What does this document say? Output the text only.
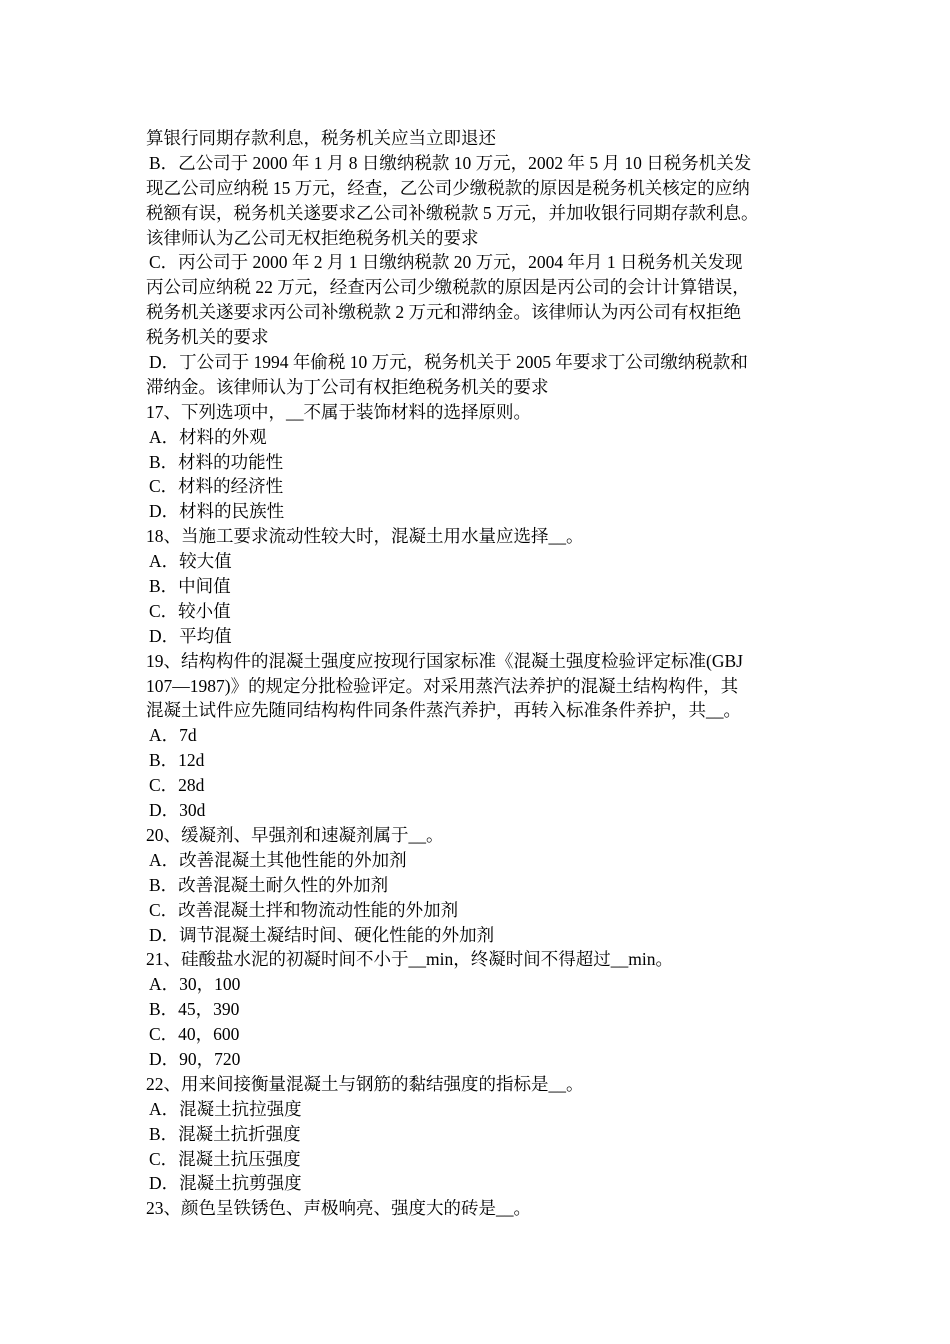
算银行同期存款利息，税务机关应当立即退还
B．乙公司于 2000 年 1 月 8 日缴纳税款 10 万元，2002 年 5 月 10 日税务机关发
现乙公司应纳税 15 万元，经查，乙公司少缴税款的原因是税务机关核定的应纳
税额有误，税务机关遂要求乙公司补缴税款 5 万元，并加收银行同期存款利息。
该律师认为乙公司无权拒绝税务机关的要求
C．丙公司于 2000 年 2 月 1 日缴纳税款 20 万元，2004 年月 1 日税务机关发现
丙公司应纳税 22 万元，经查丙公司少缴税款的原因是丙公司的会计计算错误，
税务机关遂要求丙公司补缴税款 2 万元和滞纳金。该律师认为丙公司有权拒绝
税务机关的要求
D．丁公司于 1994 年偷税 10 万元，税务机关于 2005 年要求丁公司缴纳税款和
滞纳金。该律师认为丁公司有权拒绝税务机关的要求
17、下列选项中，__不属于装饰材料的选择原则。
A．材料的外观
B．材料的功能性
C．材料的经济性
D．材料的民族性
18、当施工要求流动性较大时，混凝土用水量应选择__。
A．较大值
B．中间值
C．较小值
D．平均值
19、结构构件的混凝土强度应按现行国家标准《混凝土强度检验评定标准(GBJ
107—1987)》的规定分批检验评定。对采用蒸汽法养护的混凝土结构构件，其
混凝土试件应先随同结构构件同条件蒸汽养护，再转入标准条件养护，共__。
A．7d
B．12d
C．28d
D．30d
20、缓凝剂、早强剂和速凝剂属于__。
A．改善混凝土其他性能的外加剂
B．改善混凝土耐久性的外加剂
C．改善混凝土拌和物流动性能的外加剂
D．调节混凝土凝结时间、硬化性能的外加剂
21、硅酸盐水泥的初凝时间不小于__min，终凝时间不得超过__min。
A．30，100
B．45，390
C．40，600
D．90，720
22、用来间接衡量混凝土与钢筋的黏结强度的指标是__。
A．混凝土抗拉强度
B．混凝土抗折强度
C．混凝土抗压强度
D．混凝土抗剪强度
23、颜色呈铁锈色、声极响亮、强度大的砖是__。
